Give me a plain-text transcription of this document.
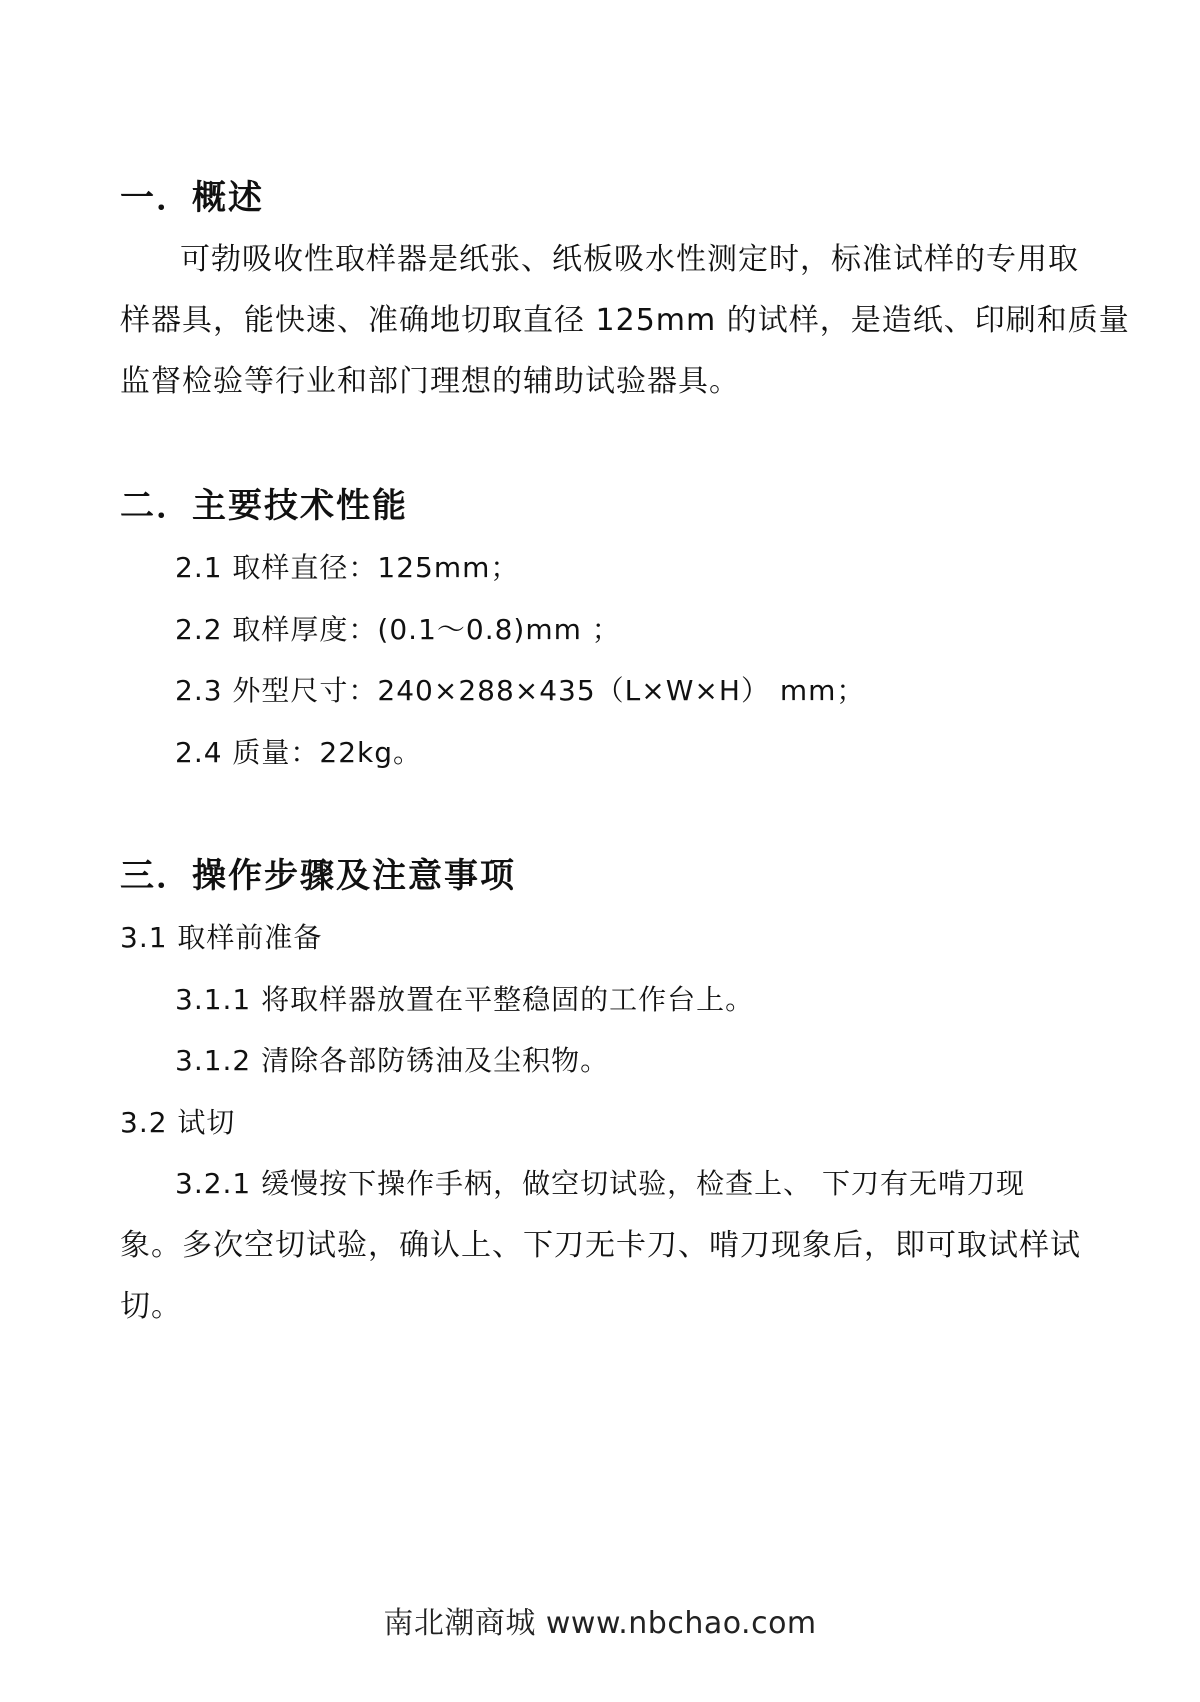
一．概述
可勃吸收性取样器是纸张、纸板吸水性测定时，标准试样的专用取
样器具，能快速、准确地切取直径 125mm 的试样，是造纸、印刷和质量
监督检验等行业和部门理想的辅助试验器具。
二．主要技术性能
2.1 取样直径：125mm；
2.2 取样厚度：(0.1～0.8)mm ；
2.3 外型尺寸：240×288×435（L×W×H） mm；
2.4 质量：22kg。
三．操作步骤及注意事项
3.1 取样前准备
3.1.1 将取样器放置在平整稳固的工作台上。
3.1.2 清除各部防锈油及尘积物。
3.2 试切
3.2.1 缓慢按下操作手柄，做空切试验，检查上、 下刀有无啃刀现
象。多次空切试验，确认上、下刀无卡刀、啃刀现象后，即可取试样试
切。
南北潮商城 www.nbchao.com
